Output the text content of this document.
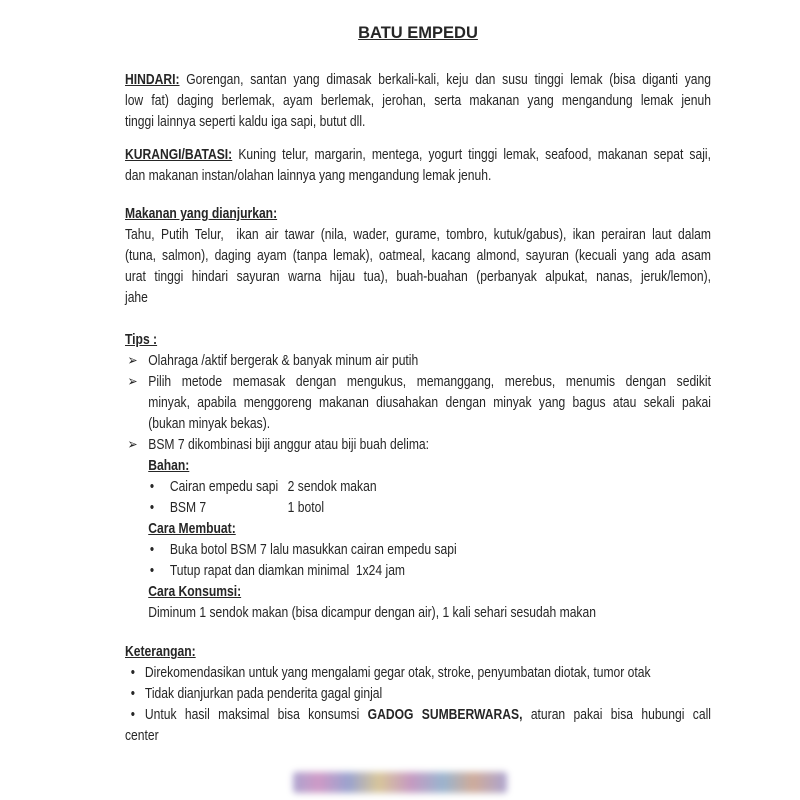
BATU EMPEDU
HINDARI: Gorengan, santan yang dimasak berkali-kali, keju dan susu tinggi lemak (bisa diganti yang
low fat) daging berlemak, ayam berlemak, jerohan, serta makanan yang mengandung lemak jenuh
tinggi lainnya seperti kaldu iga sapi, butut dll.
KURANGI/BATASI: Kuning telur, margarin, mentega, yogurt tinggi lemak, seafood, makanan sepat saji,
dan makanan instan/olahan lainnya yang mengandung lemak jenuh.
Makanan yang dianjurkan:
Tahu, Putih Telur,  ikan air tawar (nila, wader, gurame, tombro, kutuk/gabus), ikan perairan laut dalam
(tuna, salmon), daging ayam (tanpa lemak), oatmeal, kacang almond, sayuran (kecuali yang ada asam
urat tinggi hindari sayuran warna hijau tua), buah-buahan (perbanyak alpukat, nanas, jeruk/lemon),
jahe
Tips :
➢ Olahraga /aktif bergerak & banyak minum air putih
➢ Pilih metode memasak dengan mengukus, memanggang, merebus, menumis dengan sedikit
minyak, apabila menggoreng makanan diusahakan dengan minyak yang bagus atau sekali pakai
(bukan minyak bekas).
➢ BSM 7 dikombinasi biji anggur atau biji buah delima:
Bahan:
• Cairan empedu sapi 2 sendok makan
• BSM 7	1 botol
Cara Membuat:
• Buka botol BSM 7 lalu masukkan cairan empedu sapi
• Tutup rapat dan diamkan minimal  1x24 jam
Cara Konsumsi:
Diminum 1 sendok makan (bisa dicampur dengan air), 1 kali sehari sesudah makan
Keterangan:
• Direkomendasikan untuk yang mengalami gegar otak, stroke, penyumbatan diotak, tumor otak
• Tidak dianjurkan pada penderita gagal ginjal
• Untuk hasil maksimal bisa konsumsi GADOG SUMBERWARAS, aturan pakai bisa hubungi call
center
